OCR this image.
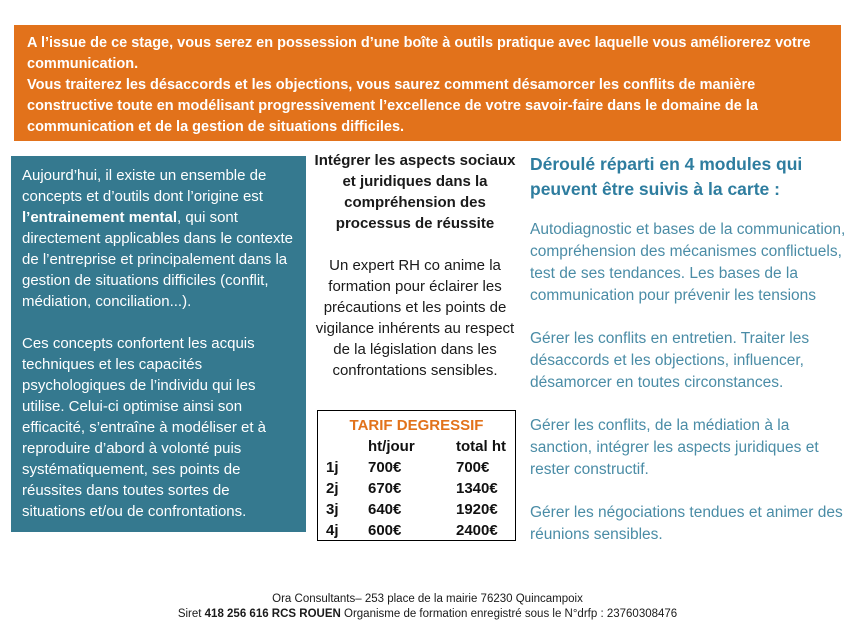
A l’issue de ce stage, vous serez en possession d’une boîte à outils pratique avec laquelle vous améliorerez votre communication.

Vous traiterez les désaccords et les objections, vous saurez comment désamorcer les conflits de manière constructive toute en modélisant progressivement l’excellence de votre savoir-faire dans le domaine de la communication et de la gestion de situations difficiles.

Aujourd’hui, il existe un ensemble de concepts et d’outils dont l’origine est l’entrainement mental, qui sont directement applicables dans le contexte de l’entreprise et principalement dans la gestion de situations difficiles (conflit, médiation, conciliation...).

Ces concepts confortent les acquis techniques et les capacités psychologiques de l’individu qui les utilise. Celui-ci optimise ainsi son efficacité, s’entraîne à modéliser et à reproduire d’abord à volonté puis systématiquement, ses points de réussites dans toutes sortes de situations et/ou de confrontations.

Intégrer les aspects sociaux et juridiques dans la compréhension des processus de réussite

Un expert RH co anime la formation pour éclairer les précautions et les points de vigilance inhérents au respect de la législation dans les confrontations sensibles.

TARIF DEGRESSIF
	ht/jour	total ht
1j	700€	700€
2j	670€	1340€
3j	640€	1920€
4j	600€	2400€

Déroulé réparti en 4 modules qui peuvent être suivis à la carte :

Autodiagnostic et bases de la communication, compréhension des mécanismes conflictuels, test de ses tendances. Les bases de la communication pour prévenir les tensions

Gérer les conflits en entretien. Traiter les désaccords et les objections, influencer, désamorcer en toutes circonstances.

Gérer les conflits, de la médiation à la sanction, intégrer les aspects juridiques et rester constructif.

Gérer les négociations tendues et animer des réunions sensibles.

Ora Consultants– 253 place de la mairie 76230 Quincampoix

Siret 418 256 616 RCS ROUEN Organisme de formation enregistré sous le N°drfp : 23760308476
